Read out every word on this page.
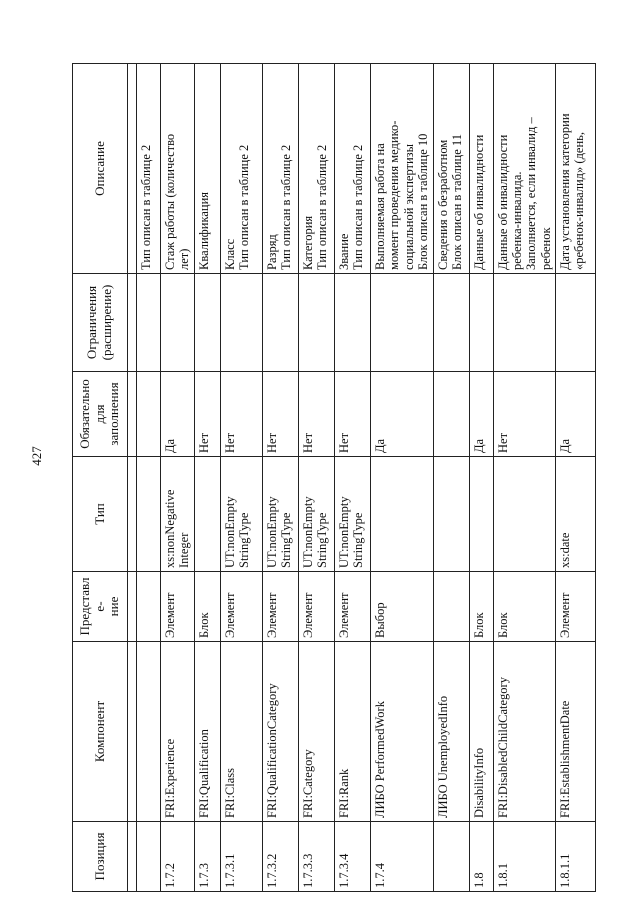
427
Позиция	Компонент	Представле-
ние	Тип	Обязательно
для
заполнения	Ограничения
(расширение)	Описание

						Тип описан в таблице 2

1.7.2	FRI:Experience	Элемент	xs:nonNegative
Integer	Да		Стаж работы (количество
лет)

1.7.3	FRI:Qualification	Блок		Нет		Квалификация

1.7.3.1	FRI:Class	Элемент	UT:nonEmpty
StringType	Нет		Класс
Тип описан в таблице 2

1.7.3.2	FRI:QualificationCategory	Элемент	UT:nonEmpty
StringType	Нет		Разряд
Тип описан в таблице 2

1.7.3.3	FRI:Category	Элемент	UT:nonEmpty
StringType	Нет		Категория
Тип описан в таблице 2

1.7.3.4	FRI:Rank	Элемент	UT:nonEmpty
StringType	Нет		Звание
Тип описан в таблице 2

1.7.4	ЛИБО PerformedWork	Выбор		Да		Выполняемая работа на
момент проведения медико-
социальной экспертизы
Блок описан в таблице 10

	ЛИБО UnemployedInfo					Сведения о безработном
Блок описан в таблице 11

1.8	DisabilityInfo	Блок		Да		Данные об инвалидности

1.8.1	FRI:DisabledChildCategory	Блок		Нет		Данные об инвалидности
ребенка-инвалида.
Заполняется, если инвалид –
ребенок

1.8.1.1	FRI:EstablishmentDate	Элемент	xs:date	Да		Дата установления категории
«ребенок-инвалид» (день,
